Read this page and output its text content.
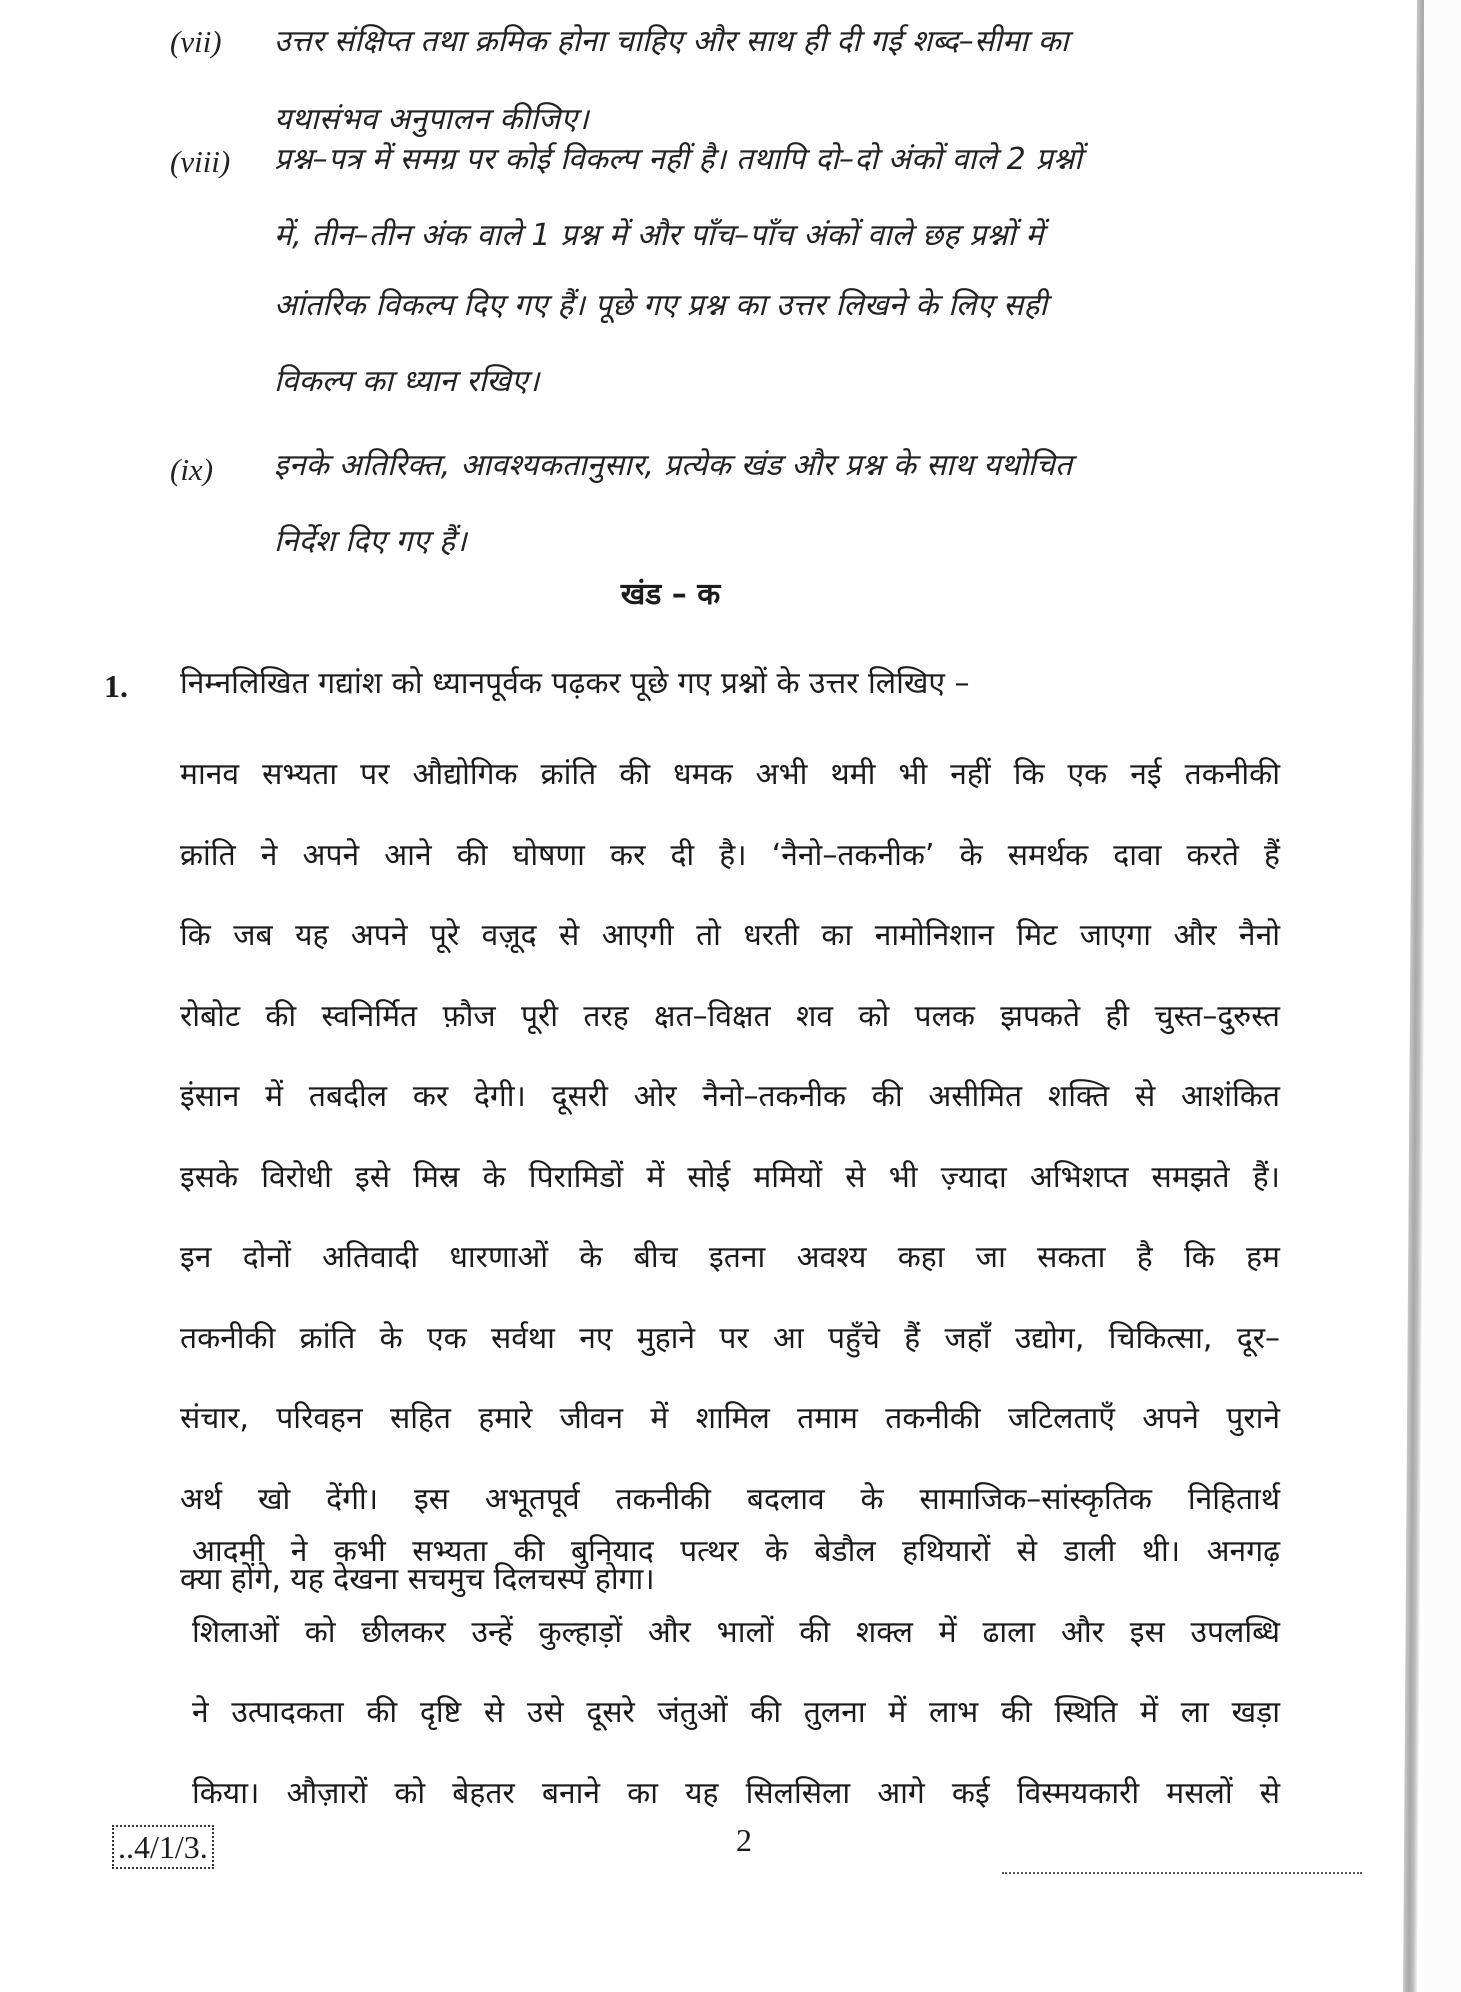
(vii) उत्तर संक्षिप्त तथा क्रमिक होना चाहिए और साथ ही दी गई शब्द–सीमा का
यथासंभव अनुपालन कीजिए।
(viii) प्रश्न–पत्र में समग्र पर कोई विकल्प नहीं है। तथापि दो–दो अंकों वाले 2 प्रश्नों
में, तीन–तीन अंक वाले 1 प्रश्न में और पाँच–पाँच अंकों वाले छह प्रश्नों में
आंतरिक विकल्प दिए गए हैं। पूछे गए प्रश्न का उत्तर लिखने के लिए सही
विकल्प का ध्यान रखिए।
(ix) इनके अतिरिक्त, आवश्यकतानुसार, प्रत्येक खंड और प्रश्न के साथ यथोचित
निर्देश दिए गए हैं।
खंड – क
1. निम्नलिखित गद्यांश को ध्यानपूर्वक पढ़कर पूछे गए प्रश्नों के उत्तर लिखिए –
मानव सभ्यता पर औद्योगिक क्रांति की धमक अभी थमी भी नहीं कि एक नई तकनीकी
क्रांति ने अपने आने की घोषणा कर दी है। ‘नैनो–तकनीक’ के समर्थक दावा करते हैं
कि जब यह अपने पूरे वज़ूद से आएगी तो धरती का नामोनिशान मिट जाएगा और नैनो
रोबोट की स्वनिर्मित फ़ौज पूरी तरह क्षत–विक्षत शव को पलक झपकते ही चुस्त–दुरुस्त
इंसान में तबदील कर देगी। दूसरी ओर नैनो–तकनीक की असीमित शक्ति से आशंकित
इसके विरोधी इसे मिस्र के पिरामिडों में सोई ममियों से भी ज़्यादा अभिशप्त समझते हैं।
इन दोनों अतिवादी धारणाओं के बीच इतना अवश्य कहा जा सकता है कि हम
तकनीकी क्रांति के एक सर्वथा नए मुहाने पर आ पहुँचे हैं जहाँ उद्योग, चिकित्सा, दूर–
संचार, परिवहन सहित हमारे जीवन में शामिल तमाम तकनीकी जटिलताएँ अपने पुराने
अर्थ खो देंगी। इस अभूतपूर्व तकनीकी बदलाव के सामाजिक–सांस्कृतिक निहितार्थ
क्या होंगे, यह देखना सचमुच दिलचस्प होगा।
आदमी ने कभी सभ्यता की बुनियाद पत्थर के बेडौल हथियारों से डाली थी। अनगढ़
शिलाओं को छीलकर उन्हें कुल्हाड़ों और भालों की शक्ल में ढाला और इस उपलब्धि
ने उत्पादकता की दृष्टि से उसे दूसरे जंतुओं की तुलना में लाभ की स्थिति में ला खड़ा
किया। औज़ारों को बेहतर बनाने का यह सिलसिला आगे कई विस्मयकारी मसलों से
..4/1/3.	2
